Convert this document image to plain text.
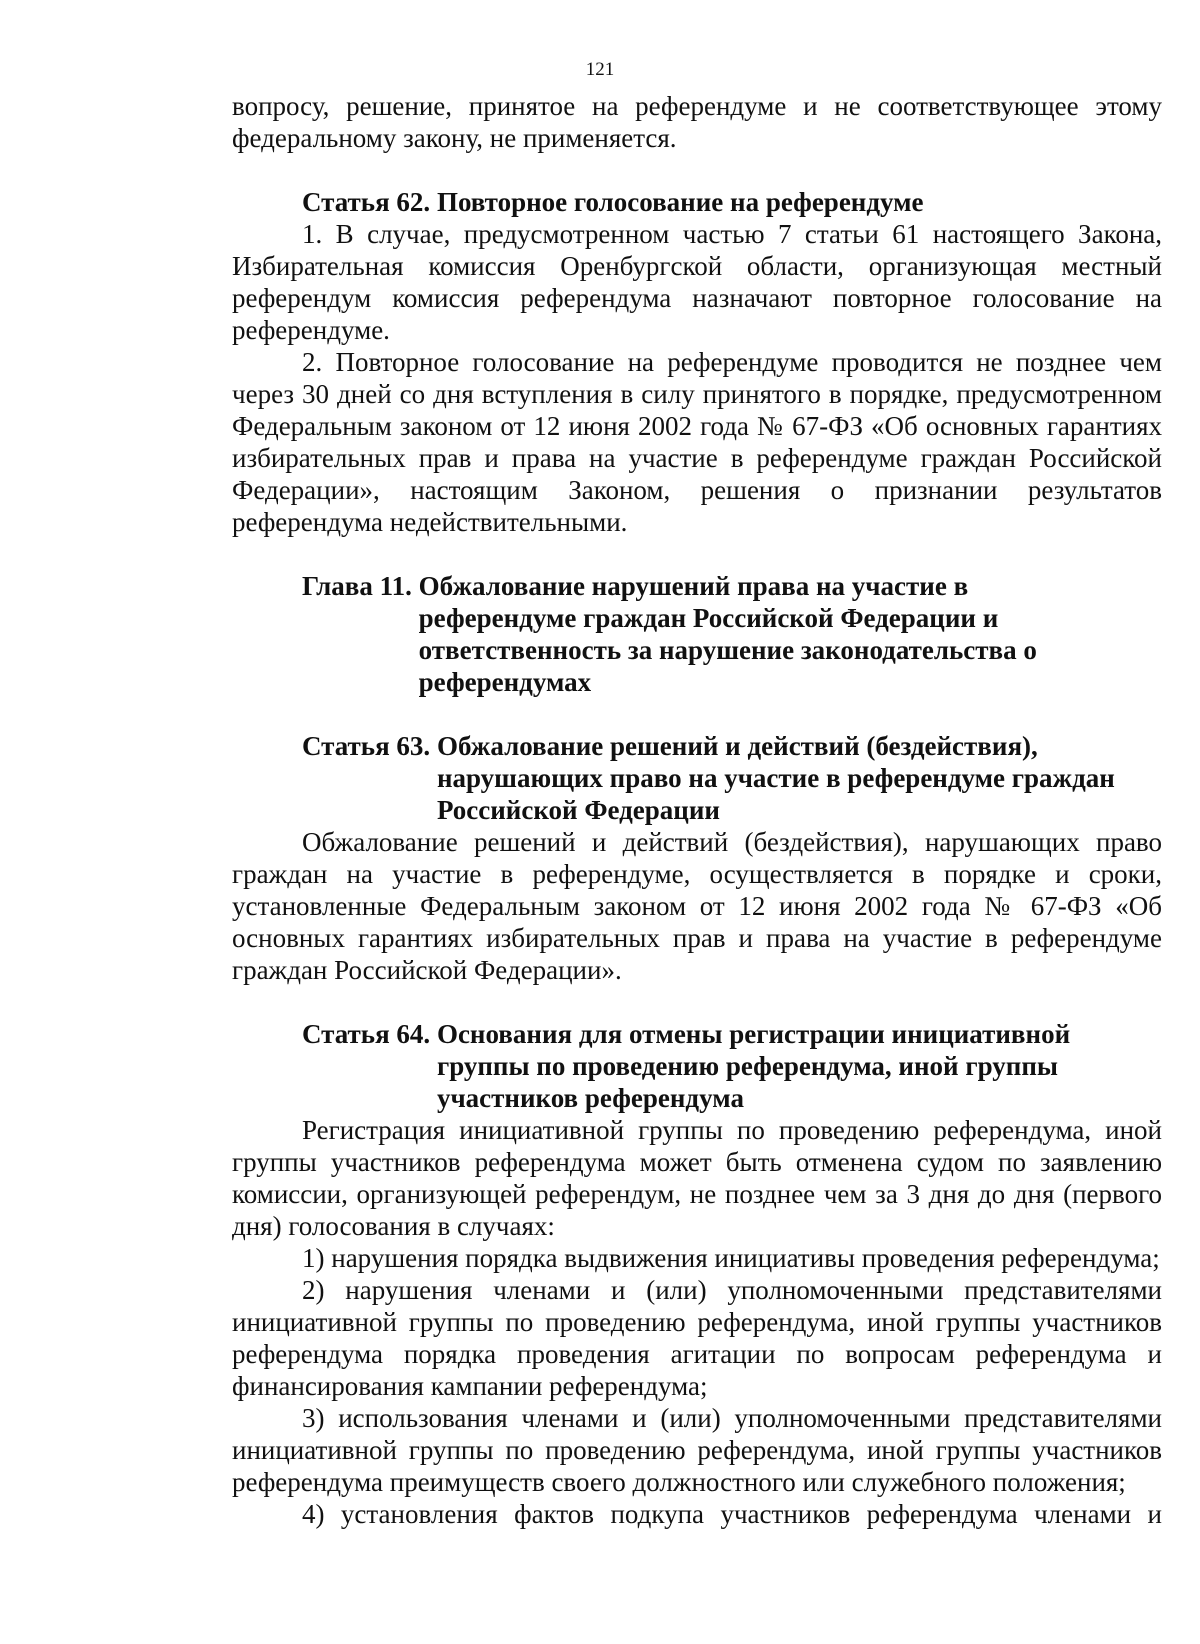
121

вопросу, решение, принятое на референдуме и не соответствующее этому федеральному закону, не применяется.

Статья 62. Повторное голосование на референдуме

1. В случае, предусмотренном частью 7 статьи 61 настоящего Закона, Избирательная комиссия Оренбургской области, организующая местный референдум комиссия референдума назначают повторное голосование на референдуме.

2. Повторное голосование на референдуме проводится не позднее чем через 30 дней со дня вступления в силу принятого в порядке, предусмотренном Федеральным законом от 12 июня 2002 года № 67-ФЗ «Об основных гарантиях избирательных прав и права на участие в референдуме граждан Российской Федерации», настоящим Законом, решения о признании результатов референдума недействительными.

Глава 11. Обжалование нарушений права на участие в референдуме граждан Российской Федерации и ответственность за нарушение законодательства о референдумах
Статья 63. Обжалование решений и действий (бездействия), нарушающих право на участие в референдуме граждан Российской Федерации

Обжалование решений и действий (бездействия), нарушающих право граждан на участие в референдуме, осуществляется в порядке и сроки, установленные Федеральным законом от 12 июня 2002 года № 67-ФЗ «Об основных гарантиях избирательных прав и права на участие в референдуме граждан Российской Федерации».

Статья 64. Основания для отмены регистрации инициативной группы по проведению референдума, иной группы участников референдума

Регистрация инициативной группы по проведению референдума, иной группы участников референдума может быть отменена судом по заявлению комиссии, организующей референдум, не позднее чем за 3 дня до дня (первого дня) голосования в случаях:

1) нарушения порядка выдвижения инициативы проведения референдума;

2) нарушения членами и (или) уполномоченными представителями инициативной группы по проведению референдума, иной группы участников референдума порядка проведения агитации по вопросам референдума и финансирования кампании референдума;

3) использования членами и (или) уполномоченными представителями инициативной группы по проведению референдума, иной группы участников референдума преимуществ своего должностного или служебного положения;

4) установления фактов подкупа участников референдума членами и
